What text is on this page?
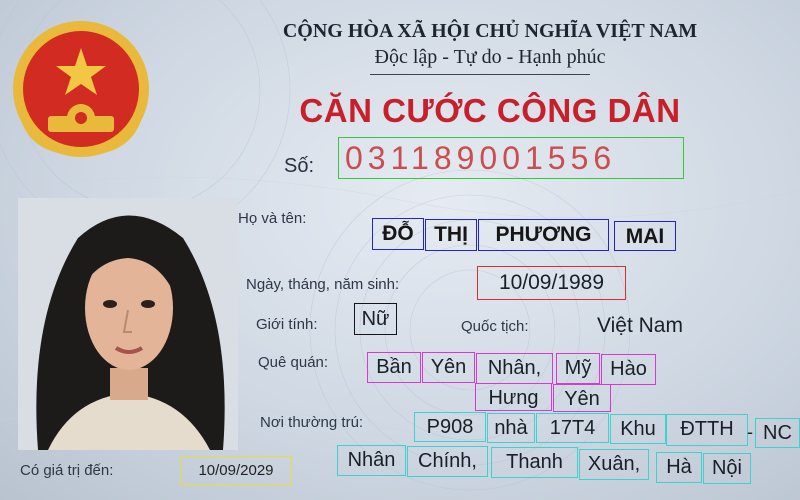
CỘNG HÒA XÃ HỘI CHỦ NGHĨA VIỆT NAM
Độc lập - Tự do - Hạnh phúc
CĂN CƯỚC CÔNG DÂN
Số: 031189001556
Họ và tên:
ĐỖ THỊ	PHƯƠNG	MAI
Ngày, tháng, năm sinh:	10/09/1989
Giới tính:	Nữ	Quốc tịch:	Việt Nam
Quê quán:	Bần Yên	Nhân,	Mỹ Hào
Hưng	Yên
Nơi thường trú:	P908	nhà	17T4	Khu	ĐTTH - NC
Nhân	Chính,	Thanh	Xuân,	Hà	Nội
Có giá trị đến:	10/09/2029
